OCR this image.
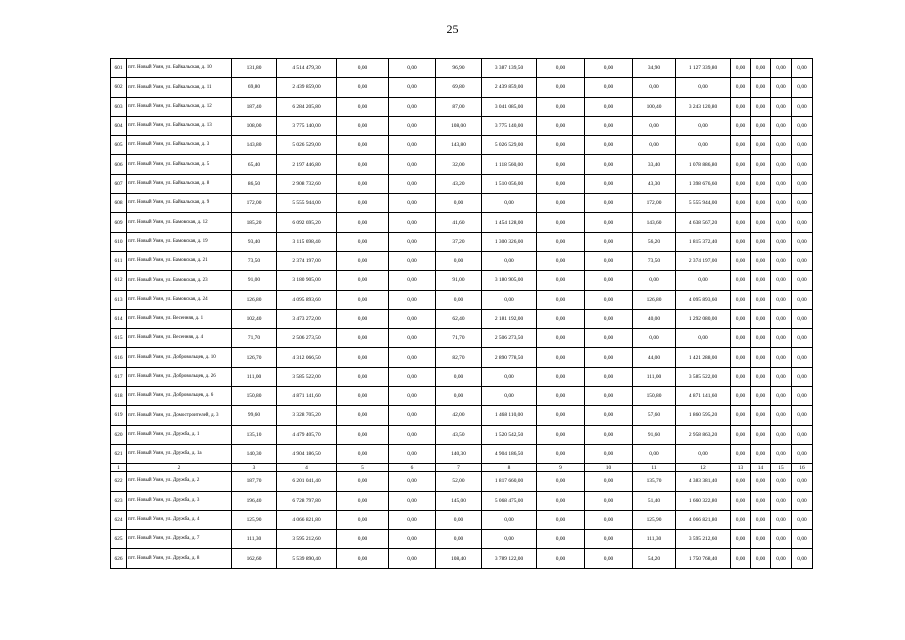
25
601	пгт. Новый Уоян, ул. Байкальская, д. 10	131,80	4 514 479,30	0,00	0,00	96,90	3 387 139,50	0,00	0,00	34,90	1 127 339,80	0,00	0,00	0,00	0,00
602	пгт. Новый Уоян, ул. Байкальская, д. 11	69,80	2 439 859,00	0,00	0,00	69,80	2 439 859,00	0,00	0,00	0,00	0,00	0,00	0,00	0,00	0,00
603	пгт. Новый Уоян, ул. Байкальская, д. 12	187,40	6 284 205,80	0,00	0,00	87,00	3 041 085,00	0,00	0,00	100,40	3 243 120,80	0,00	0,00	0,00	0,00
604	пгт. Новый Уоян, ул. Байкальская, д. 13	108,00	3 775 140,00	0,00	0,00	108,00	3 775 140,00	0,00	0,00	0,00	0,00	0,00	0,00	0,00	0,00
605	пгт. Новый Уоян, ул. Байкальская, д. 3	143,80	5 026 529,00	0,00	0,00	143,80	5 026 529,00	0,00	0,00	0,00	0,00	0,00	0,00	0,00	0,00
606	пгт. Новый Уоян, ул. Байкальская, д. 5	65,40	2 197 446,80	0,00	0,00	32,00	1 118 560,00	0,00	0,00	33,40	1 078 886,80	0,00	0,00	0,00	0,00
607	пгт. Новый Уоян, ул. Байкальская, д. 8	86,50	2 908 732,60	0,00	0,00	43,20	1 510 056,00	0,00	0,00	43,30	1 398 676,60	0,00	0,00	0,00	0,00
608	пгт. Новый Уоян, ул. Байкальская, д. 9	172,00	5 555 944,00	0,00	0,00	0,00	0,00	0,00	0,00	172,00	5 555 944,00	0,00	0,00	0,00	0,00
609	пгт. Новый Уоян, ул. Бамовская, д. 12	185,20	6 092 695,20	0,00	0,00	41,60	1 454 128,00	0,00	0,00	143,60	4 638 567,20	0,00	0,00	0,00	0,00
610	пгт. Новый Уоян, ул. Бамовская, д. 19	93,40	3 115 698,40	0,00	0,00	37,20	1 300 326,00	0,00	0,00	56,20	1 815 372,40	0,00	0,00	0,00	0,00
611	пгт. Новый Уоян, ул. Бамовская, д. 21	73,50	2 374 197,00	0,00	0,00	0,00	0,00	0,00	0,00	73,50	2 374 197,00	0,00	0,00	0,00	0,00
612	пгт. Новый Уоян, ул. Бамовская, д. 23	91,00	3 180 905,00	0,00	0,00	91,00	3 180 905,00	0,00	0,00	0,00	0,00	0,00	0,00	0,00	0,00
613	пгт. Новый Уоян, ул. Бамовская, д. 24	126,80	4 095 893,60	0,00	0,00	0,00	0,00	0,00	0,00	126,80	4 095 893,60	0,00	0,00	0,00	0,00
614	пгт. Новый Уоян, ул. Весенняя, д. 1	102,40	3 473 272,00	0,00	0,00	62,40	2 181 192,00	0,00	0,00	40,00	1 292 080,00	0,00	0,00	0,00	0,00
615	пгт. Новый Уоян, ул. Весенняя, д. 4	71,70	2 506 273,50	0,00	0,00	71,70	2 506 273,50	0,00	0,00	0,00	0,00	0,00	0,00	0,00	0,00
616	пгт. Новый Уоян, ул. Добровольцев, д. 10	126,70	4 312 066,50	0,00	0,00	82,70	2 890 778,50	0,00	0,00	44,00	1 421 288,00	0,00	0,00	0,00	0,00
617	пгт. Новый Уоян, ул. Добровольцев, д. 26	111,00	3 585 522,00	0,00	0,00	0,00	0,00	0,00	0,00	111,00	3 585 522,00	0,00	0,00	0,00	0,00
618	пгт. Новый Уоян, ул. Добровольцев, д. 6	150,80	4 871 141,60	0,00	0,00	0,00	0,00	0,00	0,00	150,80	4 871 141,60	0,00	0,00	0,00	0,00
619	пгт. Новый Уоян, ул. Домостроителей, д. 3	99,60	3 328 705,20	0,00	0,00	42,00	1 468 110,00	0,00	0,00	57,60	1 860 595,20	0,00	0,00	0,00	0,00
620	пгт. Новый Уоян, ул. Дружба, д. 1	135,10	4 479 405,70	0,00	0,00	43,50	1 520 542,50	0,00	0,00	91,60	2 958 863,20	0,00	0,00	0,00	0,00
621	пгт. Новый Уоян, ул. Дружба, д. 1а	140,30	4 904 186,50	0,00	0,00	140,30	4 904 186,50	0,00	0,00	0,00	0,00	0,00	0,00	0,00	0,00
1	2	3	4	5	6	7	8	9	10	11	12	13	14	15	16
622	пгт. Новый Уоян, ул. Дружба, д. 2	187,70	6 201 041,40	0,00	0,00	52,00	1 817 660,00	0,00	0,00	135,70	4 383 381,40	0,00	0,00	0,00	0,00
623	пгт. Новый Уоян, ул. Дружба, д. 3	196,40	6 728 797,80	0,00	0,00	145,00	5 068 475,00	0,00	0,00	51,40	1 660 322,80	0,00	0,00	0,00	0,00
624	пгт. Новый Уоян, ул. Дружба, д. 4	125,90	4 066 821,80	0,00	0,00	0,00	0,00	0,00	0,00	125,90	4 066 821,80	0,00	0,00	0,00	0,00
625	пгт. Новый Уоян, ул. Дружба, д. 7	111,30	3 595 212,60	0,00	0,00	0,00	0,00	0,00	0,00	111,30	3 595 212,60	0,00	0,00	0,00	0,00
626	пгт. Новый Уоян, ул. Дружба, д. 8	162,60	5 539 890,40	0,00	0,00	108,40	3 789 122,00	0,00	0,00	54,20	1 750 768,40	0,00	0,00	0,00	0,00
